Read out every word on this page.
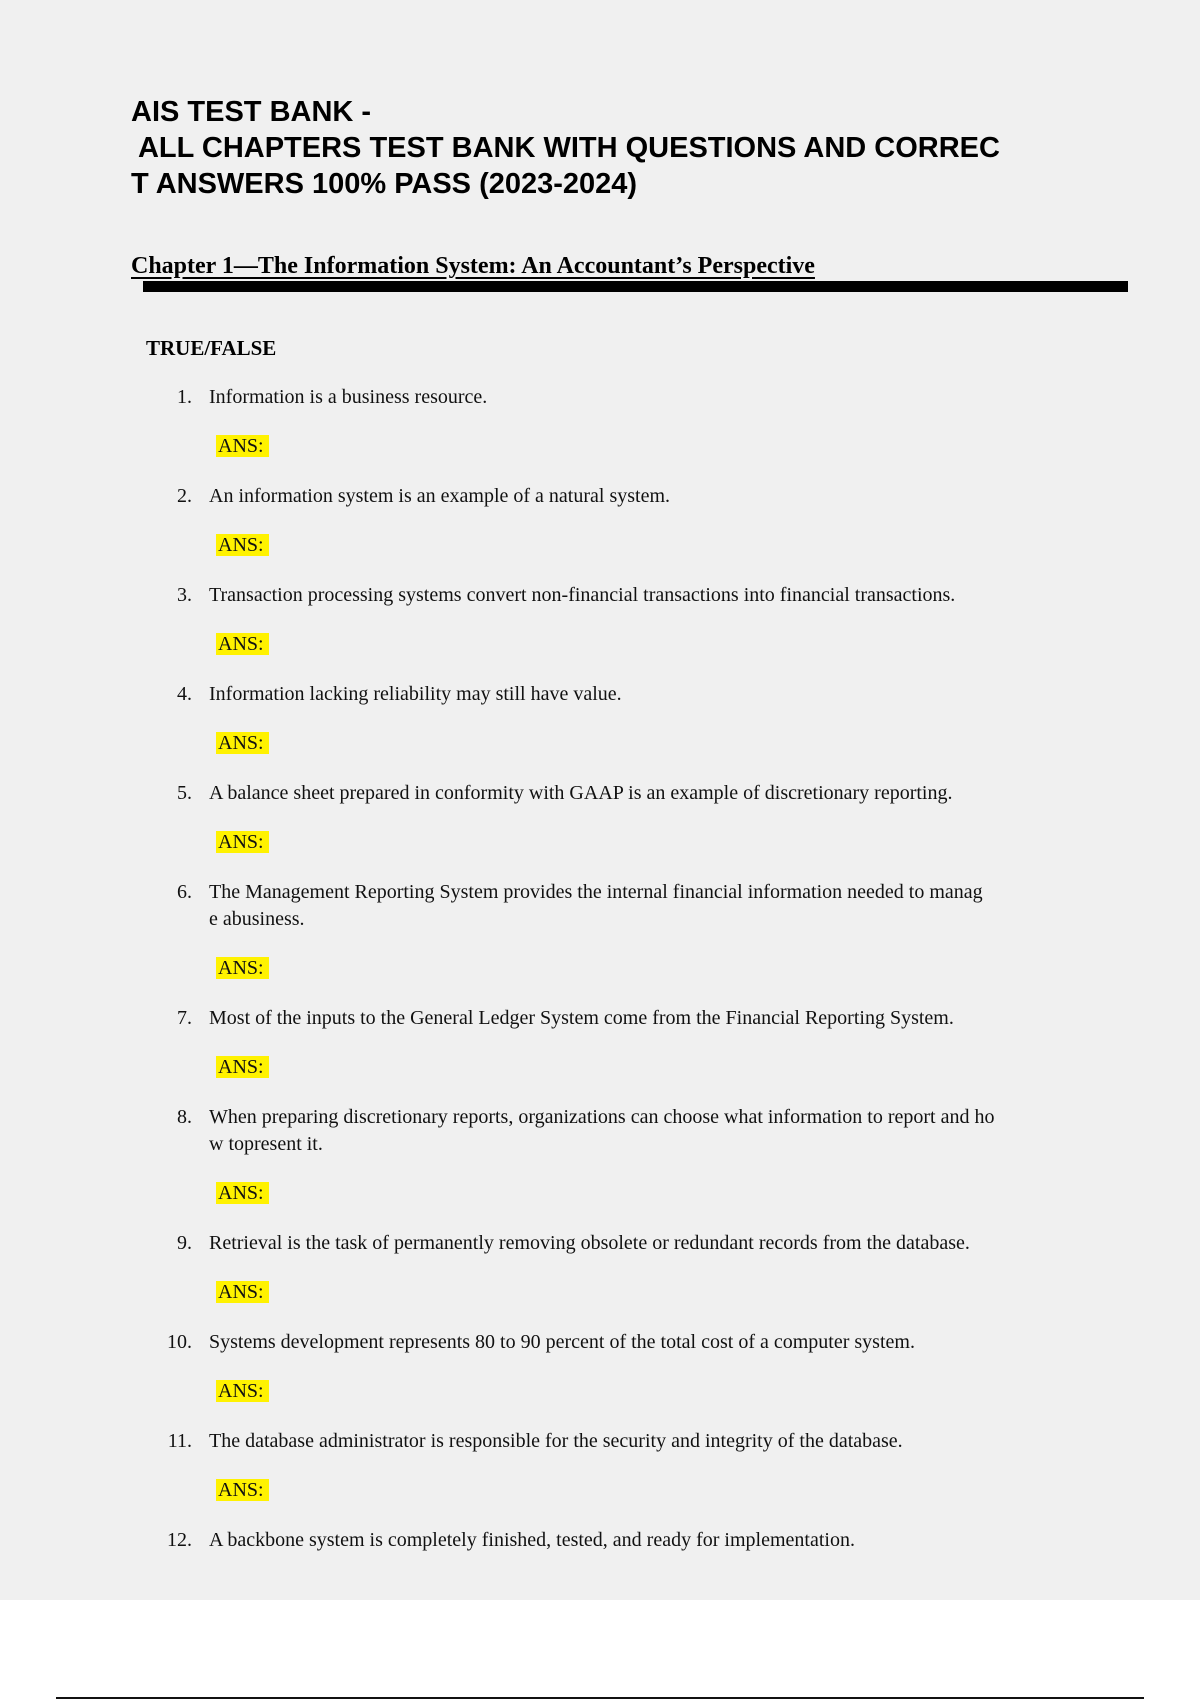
AIS TEST BANK -
ALL CHAPTERS TEST BANK WITH QUESTIONS AND CORREC
T ANSWERS 100% PASS (2023-2024)
Chapter 1—The Information System: An Accountant’s Perspective
TRUE/FALSE
1. Information is a business resource.
ANS:
2. An information system is an example of a natural system.
ANS:
3. Transaction processing systems convert non-financial transactions into financial transactions.
ANS:
4. Information lacking reliability may still have value.
ANS:
5. A balance sheet prepared in conformity with GAAP is an example of discretionary reporting.
ANS:
6. The Management Reporting System provides the internal financial information needed to manag
e abusiness.
ANS:
7. Most of the inputs to the General Ledger System come from the Financial Reporting System.
ANS:
8. When preparing discretionary reports, organizations can choose what information to report and ho
w topresent it.
ANS:
9. Retrieval is the task of permanently removing obsolete or redundant records from the database.
ANS:
10. Systems development represents 80 to 90 percent of the total cost of a computer system.
ANS:
11. The database administrator is responsible for the security and integrity of the database.
ANS:
12. A backbone system is completely finished, tested, and ready for implementation.
